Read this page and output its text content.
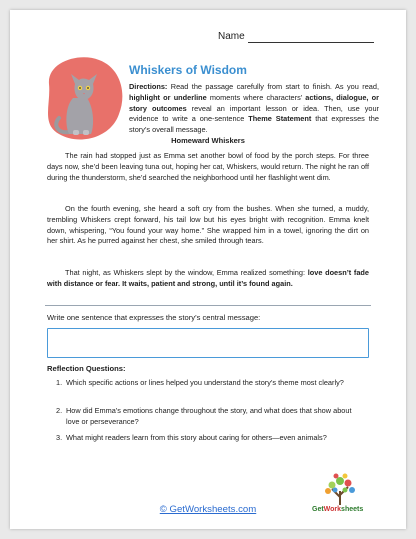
Name
Whiskers of Wisdom
Directions: Read the passage carefully from start to finish. As you read, highlight or underline moments where characters’ actions, dialogue, or story outcomes reveal an important lesson or idea. Then, use your evidence to write a one-sentence Theme Statement that expresses the story’s overall message.
Homeward Whiskers

The rain had stopped just as Emma set another bowl of food by the porch steps. For three days now, she’d been leaving tuna out, hoping her cat, Whiskers, would return. The night he ran off during the thunderstorm, she’d searched the neighborhood until her flashlight went dim.

On the fourth evening, she heard a soft cry from the bushes. When she turned, a muddy, trembling Whiskers crept forward, his tail low but his eyes bright with recognition. Emma knelt down, whispering, “You found your way home.” She wrapped him in a towel, ignoring the dirt on her shirt. As he purred against her chest, she smiled through tears.

That night, as Whiskers slept by the window, Emma realized something: love doesn’t fade with distance or fear. It waits, patient and strong, until it’s found again.

Write one sentence that expresses the story’s central message:
Reflection Questions:
1. Which specific actions or lines helped you understand the story’s theme most clearly?
2. How did Emma’s emotions change throughout the story, and what does that show about love or perseverance?
3. What might readers learn from this story about caring for others—even animals?
© GetWorksheets.com	GetWorksheets
